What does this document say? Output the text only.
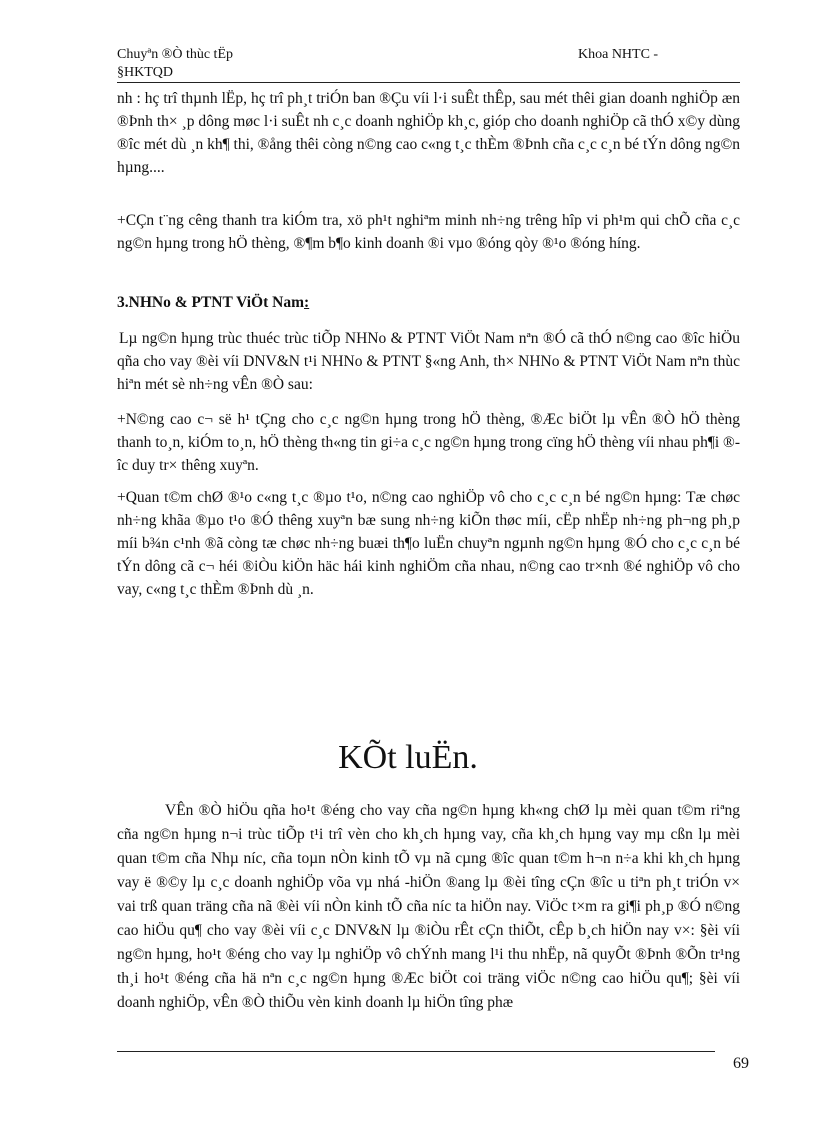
Chuyªn ®Ò thùc tËp
§HKTQD
Khoa NHTC -

nh : hç trî thµnh lËp, hç trî ph¸t triÓn ban ®Çu víi l·i suÊt thÊp, sau mét thêi gian doanh nghiÖp æn ®Þnh th× ¸p dông møc l·i suÊt nh c¸c doanh nghiÖp kh¸c, gióp cho doanh nghiÖp cã thÓ x©y dùng ®îc mét dù ¸n kh¶ thi, ®ång thêi còng n©ng cao c«ng t¸c thÈm ®Þnh cña c¸c c¸n bé tÝn dông ng©n hµng....

+CÇn t¨ng cêng thanh tra kiÓm tra, xö ph¹t nghiªm minh nh÷ng trêng hîp vi ph¹m qui chÕ cña c¸c ng©n hµng trong hÖ thèng, ®¶m b¶o kinh doanh ®i vµo ®óng qòy ®¹o ®óng híng.

3.NHNo & PTNT ViÖt Nam:

Lµ ng©n hµng trùc thuéc trùc tiÕp NHNo & PTNT ViÖt Nam nªn ®Ó cã thÓ n©ng cao ®îc hiÖu qña cho vay ®èi víi DNV&N t¹i NHNo & PTNT §«ng Anh, th× NHNo & PTNT ViÖt Nam nªn thùc hiªn mét sè nh÷ng vÊn ®Ò sau:

+N©ng cao c¬ së h¹ tÇng cho c¸c ng©n hµng trong hÖ thèng, ®Æc biÖt lµ vÊn ®Ò hÖ thèng thanh to¸n, kiÓm to¸n, hÖ thèng th«ng tin gi÷a c¸c ng©n hµng trong cïng hÖ thèng víi nhau ph¶i ®îc duy tr× thêng xuyªn.

+Quan t©m chØ ®¹o c«ng t¸c ®µo t¹o, n©ng cao nghiÖp vô cho c¸c c¸n bé ng©n hµng: Tæ chøc nh÷ng khãa ®µo t¹o ®Ó thêng xuyªn bæ sung nh÷ng kiÕn thøc míi, cËp nhËp nh÷ng ph¬ng ph¸p míi b¾n c¹nh ®ã còng tæ chøc nh÷ng buæi th¶o luËn chuyªn ngµnh ng©n hµng ®Ó cho c¸c c¸n bé tÝn dông cã c¬ héi ®iÒu kiÖn häc hái kinh nghiÖm cña nhau, n©ng cao tr×nh ®é nghiÖp vô cho vay, c«ng t¸c thÈm ®Þnh dù ¸n.

KÕt luËn.

VÊn ®Ò hiÖu qña ho¹t ®éng cho vay cña ng©n hµng kh«ng chØ lµ mèi quan t©m riªng cña ng©n hµng n¬i trùc tiÕp t¹i trî vèn cho kh¸ch hµng vay, cña kh¸ch hµng vay mµ cßn lµ mèi quan t©m cña Nhµ níc, cña toµn nÒn kinh tÕ vµ nã cµng ®îc quan t©m h¬n n÷a khi kh¸ch hµng vay ë ®©y lµ c¸c doanh nghiÖp võa vµ nhá -hiÖn ®ang lµ ®èi tîng cÇn ®îc u tiªn ph¸t triÓn v× vai trß quan träng cña nã ®èi víi nÒn kinh tÕ cña níc ta hiÖn nay. ViÖc t×m ra gi¶i ph¸p ®Ó n©ng cao hiÖu qu¶ cho vay ®èi víi c¸c DNV&N lµ ®iÒu rÊt cÇn thiÕt, cÊp b¸ch hiÖn nay v×: §èi víi ng©n hµng, ho¹t ®éng cho vay lµ nghiÖp vô chÝnh mang l¹i thu nhËp, nã quyÕt ®Þnh ®Õn tr¹ng th¸i ho¹t ®éng cña hä nªn c¸c ng©n hµng ®Æc biÖt coi träng viÖc n©ng cao hiÖu qu¶; §èi víi doanh nghiÖp, vÊn ®Ò thiÕu vèn kinh doanh lµ hiÖn tîng phæ

69
